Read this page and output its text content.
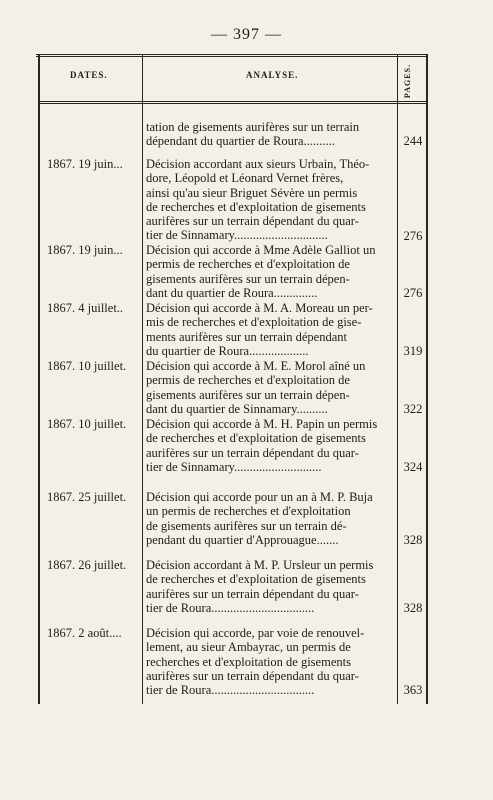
— 397 —
DATES.	ANALYSE.	PAGES.
tation de gisements aurifères sur un terrain
dépendant du quartier de Roura..........	244
1867. 19 juin... Décision accordant aux sieurs Urbain, Théo-
dore, Léopold et Léonard Vernet frères,
ainsi qu'au sieur Briguet Sévère un permis
de recherches et d'exploitation de gisements
aurifères sur un terrain dépendant du quar-
tier de Sinnamary..............................	276
1867. 19 juin... Décision qui accorde à Mme Adèle Galliot un
permis de recherches et d'exploitation de
gisements aurifères sur un terrain dépen-
dant du quartier de Roura..............	276
1867. 4 juillet.. Décision qui accorde à M. A. Moreau un per-
mis de recherches et d'exploitation de gise-
ments aurifères sur un terrain dépendant
du quartier de Roura...................	319
1867. 10 juillet. Décision qui accorde à M. E. Morol aîné un
permis de recherches et d'exploitation de
gisements aurifères sur un terrain dépen-
dant du quartier de Sinnamary..........	322
1867. 10 juillet. Décision qui accorde à M. H. Papin un permis
de recherches et d'exploitation de gisements
aurifères sur un terrain dépendant du quar-
tier de Sinnamary............................	324
1867. 25 juillet. Décision qui accorde pour un an à M. P. Buja
un permis de recherches et d'exploitation
de gisements aurifères sur un terrain dé-
pendant du quartier d'Approuague.......	328
1867. 26 juillet. Décision accordant à M. P. Ursleur un permis
de recherches et d'exploitation de gisements
aurifères sur un terrain dépendant du quar-
tier de Roura.................................	328
1867. 2 août.... Décision qui accorde, par voie de renouvel-
lement, au sieur Ambayrac, un permis de
recherches et d'exploitation de gisements
aurifères sur un terrain dépendant du quar-
tier de Roura.................................	363
